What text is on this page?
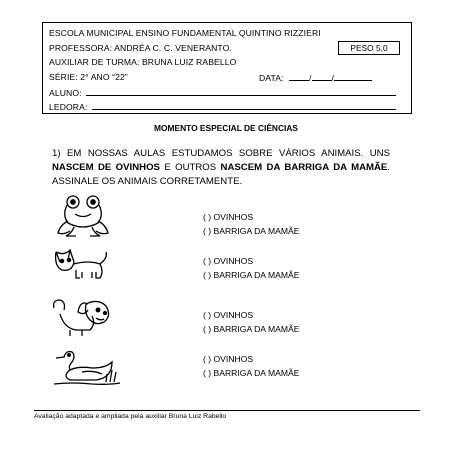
ESCOLA MUNICIPAL ENSINO FUNDAMENTAL QUINTINO RIZZIERI
PROFESSORA: ANDRÉA C. C. VENERANTO.
AUXILIAR DE TURMA: BRUNA LUIZ RABELLO
SÉRIE: 2° ANO “22”	DATA:	/ /
ALUNO:
LEDORA:
PESO 5,0
MOMENTO ESPECIAL DE CIÊNCIAS
1) EM NOSSAS AULAS ESTUDAMOS SOBRE VÁRIOS ANIMAIS. UNS NASCEM DE OVINHOS E OUTROS NASCEM DA BARRIGA DA MAMÃE. ASSINALE OS ANIMAIS CORRETAMENTE.
( ) OVINHOS
( ) BARRIGA DA MAMÃE
( ) OVINHOS
( ) BARRIGA DA MAMÃE
( ) OVINHOS
( ) BARRIGA DA MAMÃE
( ) OVINHOS
( ) BARRIGA DA MAMÃE
Avaliação adaptada e ampliada pela auxiliar Bruna Luiz Rabello
